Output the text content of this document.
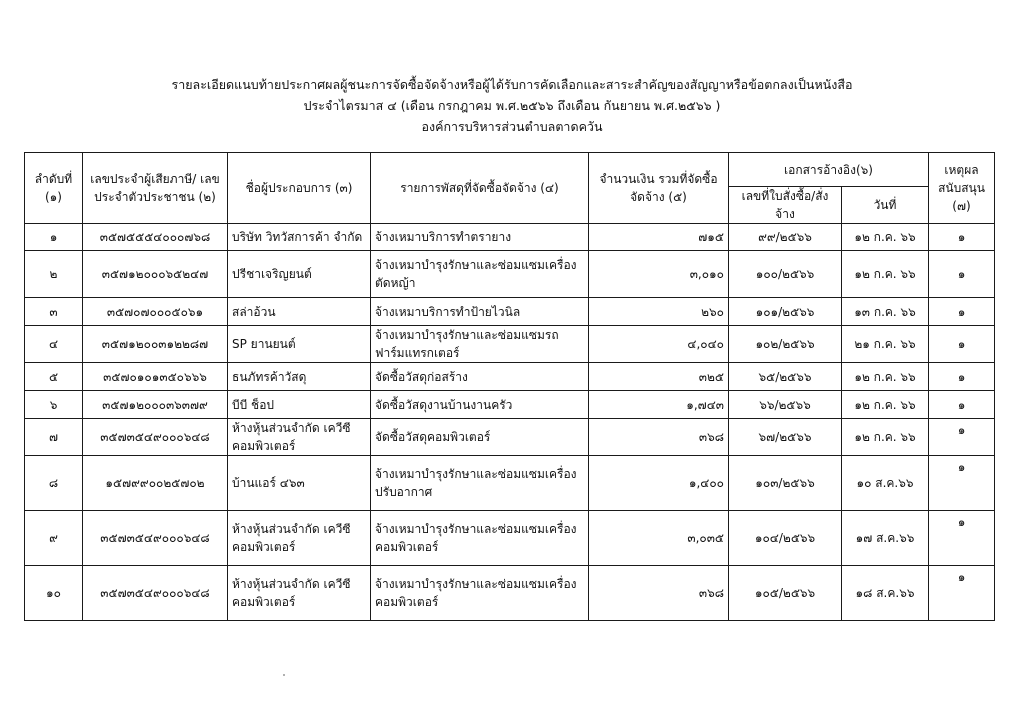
รายละเอียดแนบท้ายประกาศผลผู้ชนะการจัดซื้อจัดจ้างหรือผู้ได้รับการคัดเลือกและสาระสำคัญของสัญญาหรือข้อตกลงเป็นหนังสือ
ประจำไตรมาส ๔ (เดือน กรกฎาคม พ.ศ.๒๕๖๖ ถึงเดือน กันยายน พ.ศ.๒๕๖๖ )
องค์การบริหารส่วนตำบลตาดควัน
ลำดับที่ (๑)	เลขประจำผู้เสียภาษี/ เลขประจำตัวประชาชน (๒)	ชื่อผู้ประกอบการ (๓)	รายการพัสดุที่จัดซื้อจัดจ้าง (๔)	จำนวนเงิน รวมที่จัดซื้อ จัดจ้าง (๕)	เอกสารอ้างอิง(๖)		เหตุผลสนับสนุน (๗)
					เลขที่ใบสั่งซื้อ/สั่งจ้าง	วันที่	
๑	๓๕๗๕๕๕๔๐๐๐๗๖๘	บริษัท วิทวัสการค้า จำกัด	จ้างเหมาบริการทำตรายาง	๗๑๕	๙๙/๒๕๖๖	๑๒ ก.ค. ๖๖	๑
๒	๓๕๗๑๒๐๐๐๖๕๒๔๗	ปรีชาเจริญยนต์	จ้างเหมาบำรุงรักษาและซ่อมแซมเครื่องตัดหญ้า	๓,๐๑๐	๑๐๐/๒๕๖๖	๑๒ ก.ค. ๖๖	๑
๓	๓๕๗๐๗๐๐๐๕๐๖๑	สล่าอ้วน	จ้างเหมาบริการทำป้ายไวนิล	๒๖๐	๑๐๑/๒๕๖๖	๑๓ ก.ค. ๖๖	๑
๔	๓๕๗๑๒๐๐๓๑๒๒๘๗	SP ยานยนต์	จ้างเหมาบำรุงรักษาและซ่อมแซมรถฟาร์มแทรกเตอร์	๔,๐๔๐	๑๐๒/๒๕๖๖	๒๑ ก.ค. ๖๖	๑
๕	๓๕๗๐๑๐๑๓๕๐๖๖๖	ธนภัทรค้าวัสดุ	จัดซื้อวัสดุก่อสร้าง	๓๒๕	๖๕/๒๕๖๖	๑๒ ก.ค. ๖๖	๑
๖	๓๕๗๑๒๐๐๐๓๖๓๗๙	บีบี ช็อป	จัดซื้อวัสดุงานบ้านงานครัว	๑,๗๔๓	๖๖/๒๕๖๖	๑๒ ก.ค. ๖๖	๑
๗	๓๕๗๓๕๔๙๐๐๐๖๔๘	ห้างหุ้นส่วนจำกัด เควีซี คอมพิวเตอร์	จัดซื้อวัสดุคอมพิวเตอร์	๓๖๘	๖๗/๒๕๖๖	๑๒ ก.ค. ๖๖	๑
๘	๑๕๗๙๙๐๐๒๕๗๐๒	บ้านแอร์ ๔๖๓	จ้างเหมาบำรุงรักษาและซ่อมแซมเครื่องปรับอากาศ	๑,๔๐๐	๑๐๓/๒๕๖๖	๑๐ ส.ค.๖๖	๑
๙	๓๕๗๓๕๔๙๐๐๐๖๔๘	ห้างหุ้นส่วนจำกัด เควีซี คอมพิวเตอร์	จ้างเหมาบำรุงรักษาและซ่อมแซมเครื่องคอมพิวเตอร์	๓,๐๓๕	๑๐๔/๒๕๖๖	๑๗ ส.ค.๖๖	๑
๑๐	๓๕๗๓๕๔๙๐๐๐๖๔๘	ห้างหุ้นส่วนจำกัด เควีซี คอมพิวเตอร์	จ้างเหมาบำรุงรักษาและซ่อมแซมเครื่องคอมพิวเตอร์	๓๖๘	๑๐๕/๒๕๖๖	๑๘ ส.ค.๖๖	๑
